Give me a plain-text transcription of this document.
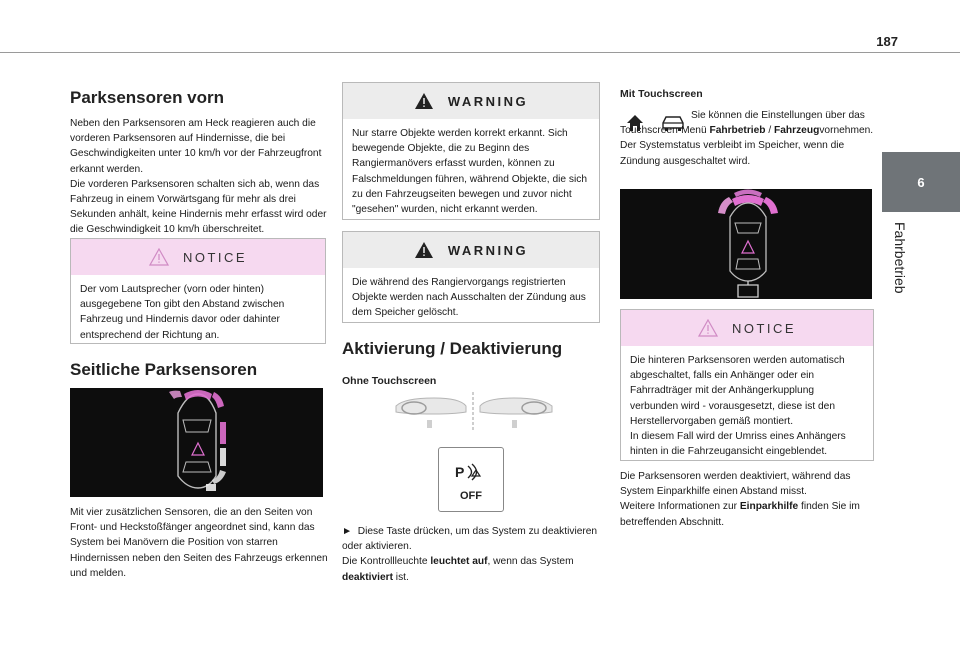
187
6
Fahrbetrieb
Parksensoren vorn

Neben den Parksensoren am Heck reagieren auch die vorderen Parksensoren auf Hindernisse, die bei Geschwindigkeiten unter 10 km/h vor der Fahrzeugfront erkannt werden.

Die vorderen Parksensoren schalten sich ab, wenn das Fahrzeug in einem Vorwärtsgang für mehr als drei Sekunden anhält, keine Hindernis mehr erfasst wird oder die Geschwindigkeit 10 km/h überschreitet.

NOTICE

Der vom Lautsprecher (vorn oder hinten) ausgegebene Ton gibt den Abstand zwischen Fahrzeug und Hindernis davor oder dahinter entsprechend der Richtung an.

Seitliche Parksensoren

Mit vier zusätzlichen Sensoren, die an den Seiten von Front- und Heckstoßfänger angeordnet sind, kann das System bei Manövern die Position von starren Hindernissen neben den Seiten des Fahrzeugs erkennen und melden.

WARNING

Nur starre Objekte werden korrekt erkannt. Sich bewegende Objekte, die zu Beginn des Rangiermanövers erfasst wurden, können zu Falschmeldungen führen, während Objekte, die sich zu den Fahrzeugseiten bewegen und zuvor nicht "gesehen" wurden, nicht erkannt werden.

WARNING

Die während des Rangiervorgangs registrierten Objekte werden nach Ausschalten der Zündung aus dem Speicher gelöscht.

Aktivierung / Deaktivierung

Ohne Touchscreen

P
OFF

► Diese Taste drücken, um das System zu deaktivieren oder aktivieren.

Die Kontrollleuchte leuchtet auf, wenn das System deaktiviert ist.

Mit Touchscreen

Sie können die Einstellungen über das Touchscreen-Menü Fahrbetrieb / Fahrzeugvornehmen.

Der Systemstatus verbleibt im Speicher, wenn die Zündung ausgeschaltet wird.

NOTICE

Die hinteren Parksensoren werden automatisch abgeschaltet, falls ein Anhänger oder ein Fahrradträger mit der Anhängerkupplung verbunden wird - vorausgesetzt, diese ist den Herstellervorgaben gemäß montiert.

In diesem Fall wird der Umriss eines Anhängers hinten in die Fahrzeugansicht eingeblendet.

Die Parksensoren werden deaktiviert, während das System Einparkhilfe einen Abstand misst.

Weitere Informationen zur Einparkhilfe finden Sie im betreffenden Abschnitt.
